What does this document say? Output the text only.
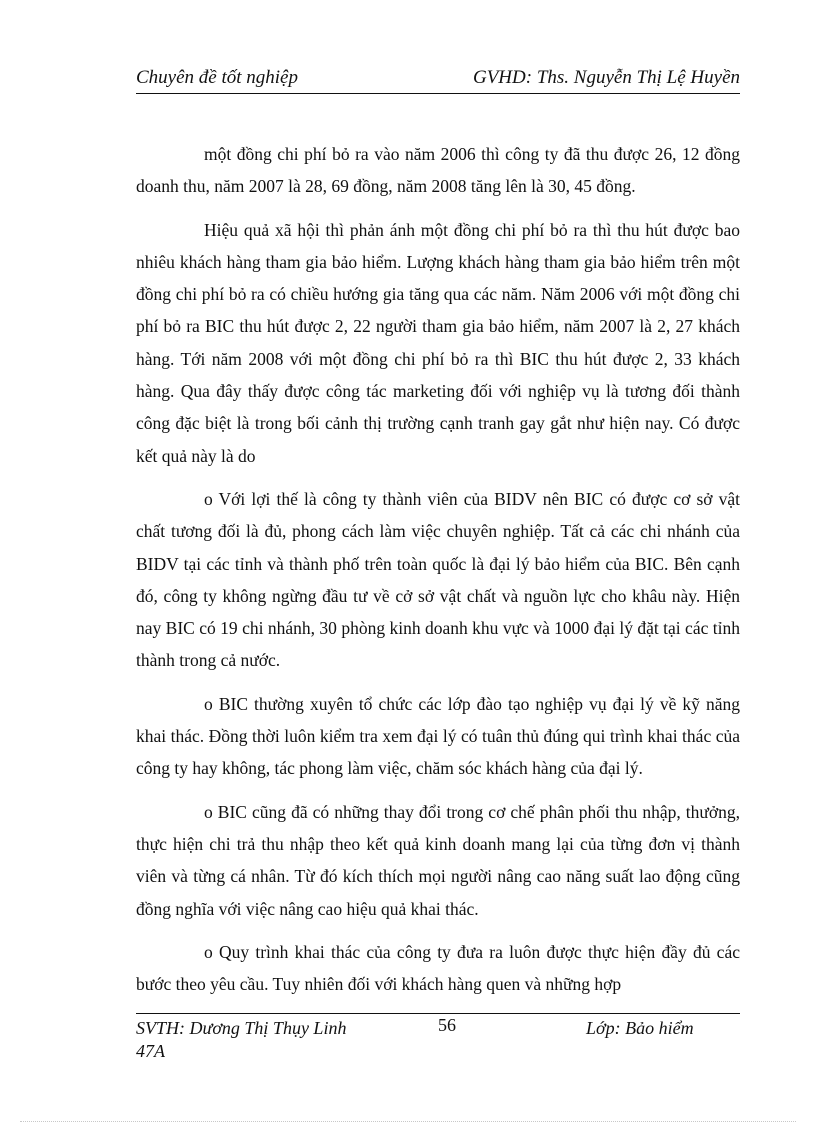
Chuyên đề tốt nghiệp	GVHD: Ths. Nguyễn Thị Lệ Huyền

một đồng chi phí bỏ ra vào năm 2006 thì công ty đã thu được 26, 12 đồng doanh thu, năm 2007 là 28, 69 đồng, năm 2008 tăng lên là 30, 45 đồng.

Hiệu quả xã hội thì phản ánh một đồng chi phí bỏ ra thì thu hút được bao nhiêu khách hàng tham gia bảo hiểm. Lượng khách hàng tham gia bảo hiểm trên một đồng chi phí bỏ ra có chiều hướng gia tăng qua các năm. Năm 2006 với một đồng chi phí bỏ ra BIC thu hút được 2, 22 người tham gia bảo hiểm, năm 2007 là 2, 27 khách hàng. Tới năm 2008 với một đồng chi phí bỏ ra thì BIC thu hút được 2, 33 khách hàng. Qua đây thấy được công tác marketing đối với nghiệp vụ là tương đối thành công đặc biệt là trong bối cảnh thị trường cạnh tranh gay gắt như hiện nay. Có được kết quả này là do

o Với lợi thế là công ty thành viên của BIDV nên BIC có được cơ sở vật chất tương đối là đủ, phong cách làm việc chuyên nghiệp. Tất cả các chi nhánh của BIDV tại các tỉnh và thành phố trên toàn quốc là đại lý bảo hiểm của BIC. Bên cạnh đó, công ty không ngừng đầu tư về cở sở vật chất và nguồn lực cho khâu này. Hiện nay BIC có 19 chi nhánh, 30 phòng kinh doanh khu vực và 1000 đại lý đặt tại các tỉnh thành trong cả nước.

o BIC thường xuyên tổ chức các lớp đào tạo nghiệp vụ đại lý về kỹ năng khai thác. Đồng thời luôn kiểm tra xem đại lý có tuân thủ đúng qui trình khai thác của công ty hay không, tác phong làm việc, chăm sóc khách hàng của đại lý.

o BIC cũng đã có những thay đổi trong cơ chế phân phối thu nhập, thưởng, thực hiện chi trả thu nhập theo kết quả kinh doanh mang lại của từng đơn vị thành viên và từng cá nhân. Từ đó kích thích mọi người nâng cao năng suất lao động cũng đồng nghĩa với việc nâng cao hiệu quả khai thác.

o Quy trình khai thác của công ty đưa ra luôn được thực hiện đầy đủ các bước theo yêu cầu. Tuy nhiên đối với khách hàng quen và những hợp

SVTH: Dương Thị Thụy Linh
47A
56	Lớp: Bảo hiểm
